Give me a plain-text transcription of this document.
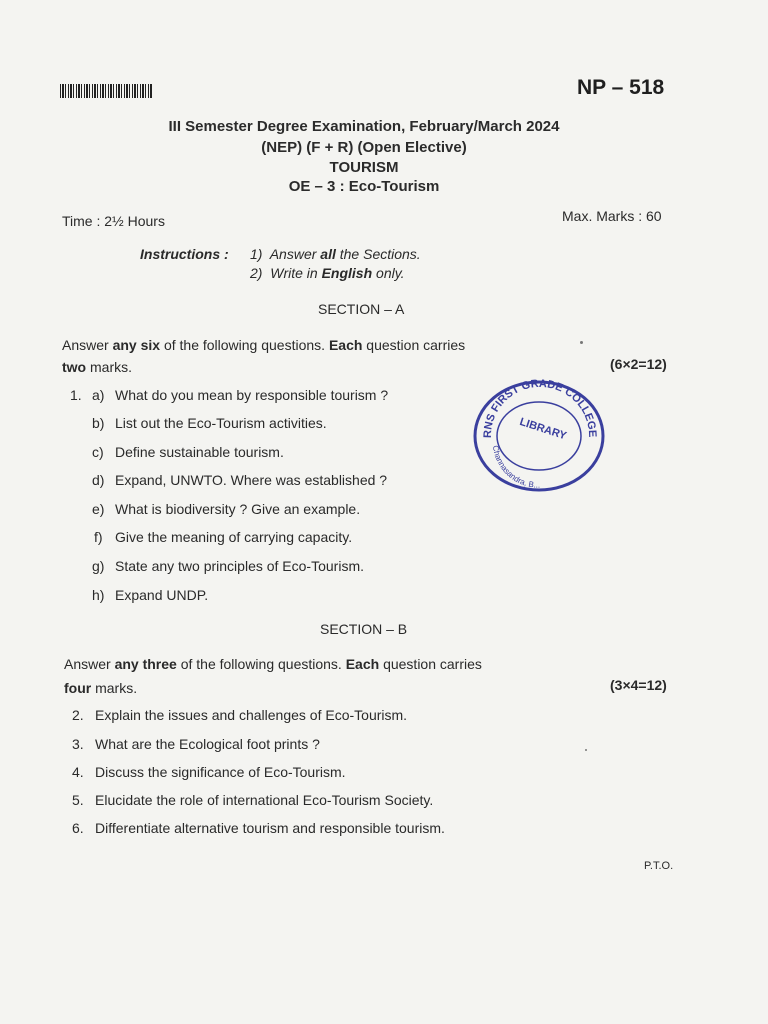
NP – 518
III Semester Degree Examination, February/March 2024
(NEP) (F + R) (Open Elective)
TOURISM
OE – 3 : Eco-Tourism
Time : 2½ Hours	Max. Marks : 60
Instructions : 1)  Answer all the Sections.
2)  Write in English only.
SECTION – A
Answer any six of the following questions. Each question carries
two marks.	(6×2=12)
1. a) What do you mean by responsible tourism ?
b) List out the Eco-Tourism activities.
c) Define sustainable tourism.
d) Expand, UNWTO. Where was established ?
e) What is biodiversity ? Give an example.
f) Give the meaning of carrying capacity.
g) State any two principles of Eco-Tourism.
h) Expand UNDP.
SECTION – B
Answer any three of the following questions. Each question carries
four marks.	(3×4=12)
2. Explain the issues and challenges of Eco-Tourism.
3. What are the Ecological foot prints ?
4. Discuss the significance of Eco-Tourism.
5. Elucidate the role of international Eco-Tourism Society.
6. Differentiate alternative tourism and responsible tourism.
P.T.O.
RNS FIRST GRADE COLLEGE
LIBRARY
Channasandra, B...
